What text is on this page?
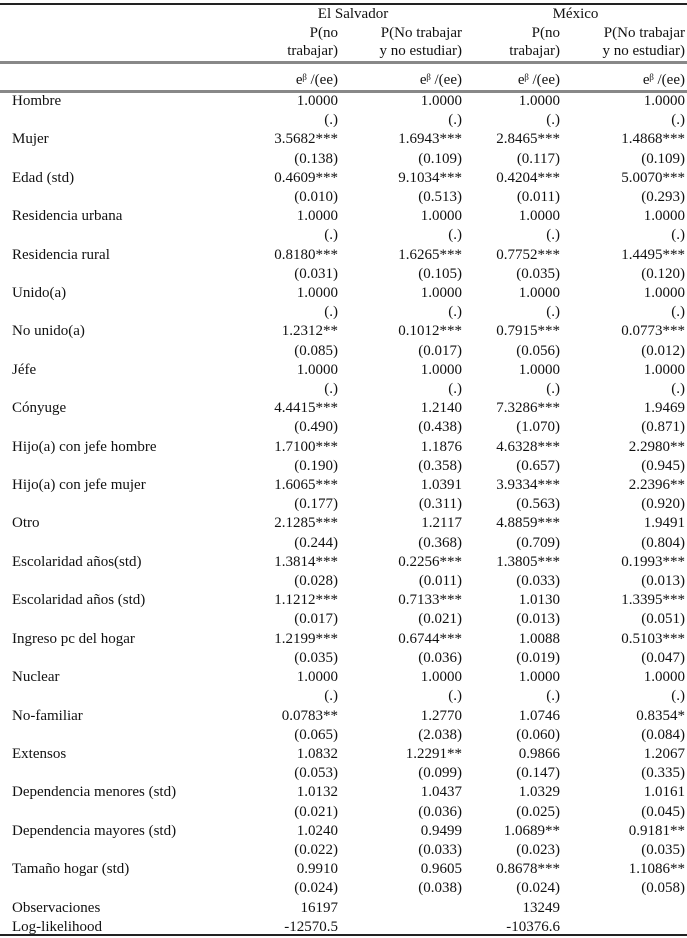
	El Salvador		México	
	P(no	P(No trabajar	P(no	P(No trabajar
	trabajar)	y no estudiar)	trabajar)	y no estudiar)
	eᵝ /(ee)	eᵝ /(ee)	eᵝ /(ee)	eᵝ /(ee)
Hombre	1.0000	1.0000	1.0000	1.0000
	(.)	(.)	(.)	(.)
Mujer	3.5682***	1.6943***	2.8465***	1.4868***
	(0.138)	(0.109)	(0.117)	(0.109)
Edad (std)	0.4609***	9.1034***	0.4204***	5.0070***
	(0.010)	(0.513)	(0.011)	(0.293)
Residencia urbana	1.0000	1.0000	1.0000	1.0000
	(.)	(.)	(.)	(.)
Residencia rural	0.8180***	1.6265***	0.7752***	1.4495***
	(0.031)	(0.105)	(0.035)	(0.120)
Unido(a)	1.0000	1.0000	1.0000	1.0000
	(.)	(.)	(.)	(.)
No unido(a)	1.2312**	0.1012***	0.7915***	0.0773***
	(0.085)	(0.017)	(0.056)	(0.012)
Jéfe	1.0000	1.0000	1.0000	1.0000
	(.)	(.)	(.)	(.)
Cónyuge	4.4415***	1.2140	7.3286***	1.9469
	(0.490)	(0.438)	(1.070)	(0.871)
Hijo(a) con jefe hombre	1.7100***	1.1876	4.6328***	2.2980**
	(0.190)	(0.358)	(0.657)	(0.945)
Hijo(a) con jefe mujer	1.6065***	1.0391	3.9334***	2.2396**
	(0.177)	(0.311)	(0.563)	(0.920)
Otro	2.1285***	1.2117	4.8859***	1.9491
	(0.244)	(0.368)	(0.709)	(0.804)
Escolaridad años(std)	1.3814***	0.2256***	1.3805***	0.1993***
	(0.028)	(0.011)	(0.033)	(0.013)
Escolaridad años (std)	1.1212***	0.7133***	1.0130	1.3395***
	(0.017)	(0.021)	(0.013)	(0.051)
Ingreso pc del hogar	1.2199***	0.6744***	1.0088	0.5103***
	(0.035)	(0.036)	(0.019)	(0.047)
Nuclear	1.0000	1.0000	1.0000	1.0000
	(.)	(.)	(.)	(.)
No-familiar	0.0783**	1.2770	1.0746	0.8354*
	(0.065)	(2.038)	(0.060)	(0.084)
Extensos	1.0832	1.2291**	0.9866	1.2067
	(0.053)	(0.099)	(0.147)	(0.335)
Dependencia menores (std)	1.0132	1.0437	1.0329	1.0161
	(0.021)	(0.036)	(0.025)	(0.045)
Dependencia mayores (std)	1.0240	0.9499	1.0689**	0.9181**
	(0.022)	(0.033)	(0.023)	(0.035)
Tamaño hogar (std)	0.9910	0.9605	0.8678***	1.1086**
	(0.024)	(0.038)	(0.024)	(0.058)
Observaciones	16197		13249	
Log-likelihood	-12570.5		-10376.6	
